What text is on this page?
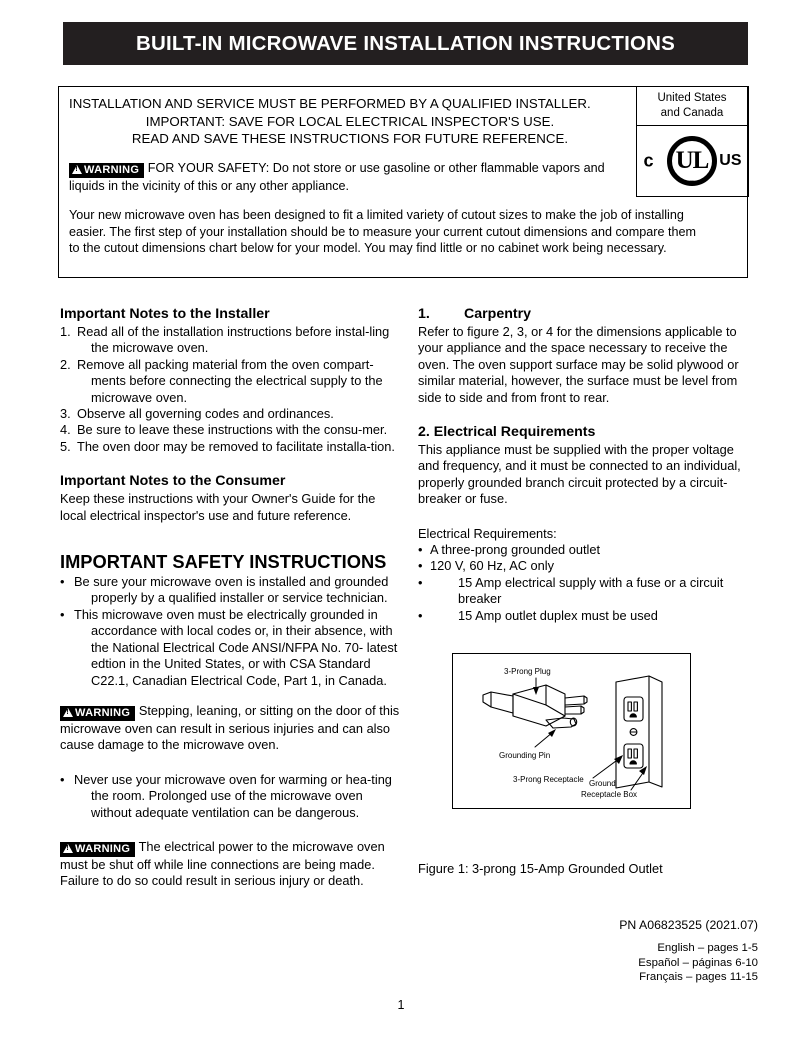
BUILT-IN MICROWAVE INSTALLATION INSTRUCTIONS
INSTALLATION AND SERVICE MUST BE PERFORMED BY A QUALIFIED INSTALLER.
IMPORTANT: SAVE FOR LOCAL ELECTRICAL INSPECTOR'S USE.
READ AND SAVE THESE INSTRUCTIONS FOR FUTURE REFERENCE.
!WARNING FOR YOUR SAFETY: Do not store or use gasoline or other flammable vapors and liquids in the vicinity of this or any other appliance.
Your new microwave oven has been designed to fit a limited variety of cutout sizes to make the job of installing easier. The first step of your installation should be to measure your current cutout dimensions and compare them to the cutout dimensions chart below for your model. You may find little or no cabinet work being necessary.
United States
and Canada
c UL
®
US
Important Notes to the Installer
1. Read all of the installation instructions before instal-ling the microwave oven.
2. Remove all packing material from the oven compart-ments before connecting the electrical supply to the microwave oven.
3. Observe all governing codes and ordinances.
4. Be sure to leave these instructions with the consu-mer.
5. The oven door may be removed to facilitate installa-tion.
Important Notes to the Consumer

Keep these instructions with your Owner's Guide for the local electrical inspector's use and future reference.

IMPORTANT SAFETY INSTRUCTIONS
• Be sure your microwave oven is installed and grounded properly by a qualified installer or service technician.
• This microwave oven must be electrically grounded in accordance with local codes or, in their absence, with the National Electrical Code ANSI/NFPA No. 70- latest edtion in the United States, or with CSA Standard C22.1, Canadian Electrical Code, Part 1, in Canada.
!WARNING Stepping, leaning, or sitting on the door of this microwave oven can result in serious injuries and can also cause damage to the microwave oven.
• Never use your microwave oven for warming or hea-ting the room. Prolonged use of the microwave oven without adequate ventilation can be dangerous.
!WARNING The electrical power to the microwave oven must be shut off while line connections are being made. Failure to do so could result in serious injury or death.
1. Carpentry

Refer to figure 2, 3, or 4 for the dimensions applicable to your appliance and the space necessary to receive the oven. The oven support surface may be solid plywood or similar material, however, the surface must be level from side to side and from front to rear.

2. Electrical Requirements

This appliance must be supplied with the proper voltage and frequency, and it must be connected to an individual, properly grounded branch circuit protected by a circuit-breaker or fuse.

Electrical Requirements:

• A three-prong grounded outlet
• 120 V, 60 Hz, AC only
•	15 Amp electrical supply with a fuse or a circuit breaker
•	15 Amp outlet duplex must be used
3-Prong Plug
Grounding Pin
3-Prong Receptacle Ground
Receptacle Box
Figure 1: 3-prong 15-Amp Grounded Outlet
PN A06823525 (2021.07)
English – pages 1-5
Español – páginas 6-10
Français – pages 11-15
1
